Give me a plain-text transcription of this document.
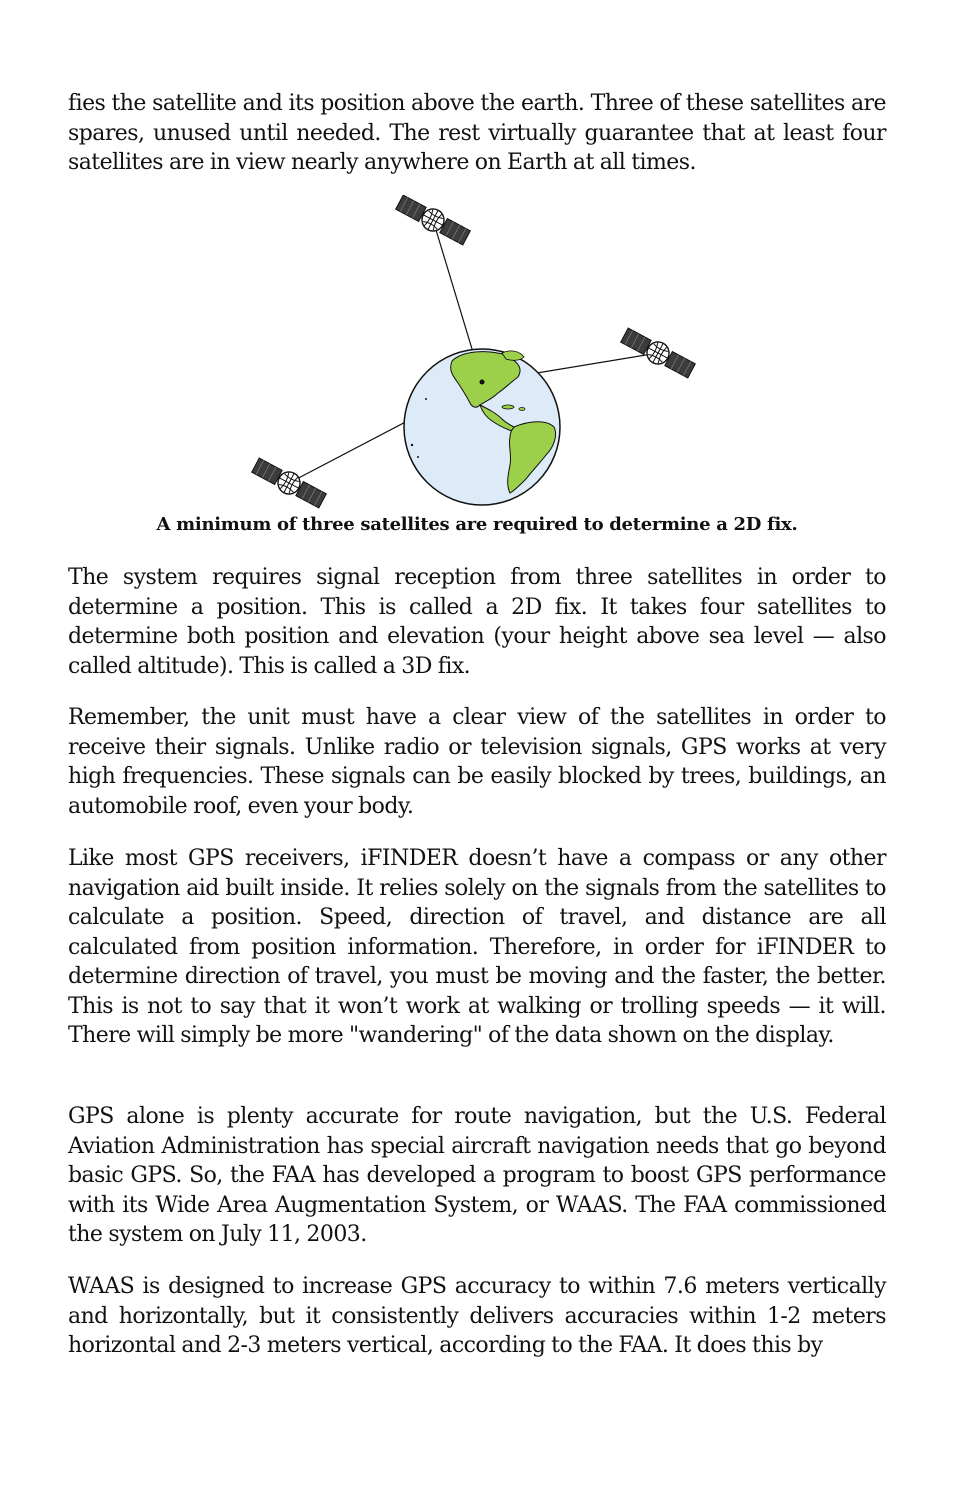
fies the satellite and its position above the earth. Three of these satellites are spares, unused until needed. The rest virtually guarantee that at least four satellites are in view nearly anywhere on Earth at all times.

A minimum of three satellites are required to determine a 2D fix.

The system requires signal reception from three satellites in order to determine a position. This is called a 2D fix. It takes four satellites to determine both position and elevation (your height above sea level — also called altitude). This is called a 3D fix.

Remember, the unit must have a clear view of the satellites in order to receive their signals. Unlike radio or television signals, GPS works at very high frequencies. These signals can be easily blocked by trees, buildings, an automobile roof, even your body.

Like most GPS receivers, iFINDER doesn’t have a compass or any other navigation aid built inside. It relies solely on the signals from the satellites to calculate a position. Speed, direction of travel, and distance are all calculated from position information. Therefore, in order for iFINDER to determine direction of travel, you must be moving and the faster, the better. This is not to say that it won’t work at walking or trolling speeds — it will. There will simply be more "wandering" of the data shown on the display.

GPS alone is plenty accurate for route navigation, but the U.S. Federal Aviation Administration has special aircraft navigation needs that go beyond basic GPS. So, the FAA has developed a program to boost GPS performance with its Wide Area Augmentation System, or WAAS. The FAA commissioned the system on July 11, 2003.

WAAS is designed to increase GPS accuracy to within 7.6 meters vertically and horizontally, but it consistently delivers accuracies within 1-2 meters horizontal and 2-3 meters vertical, according to the FAA. It does this by
